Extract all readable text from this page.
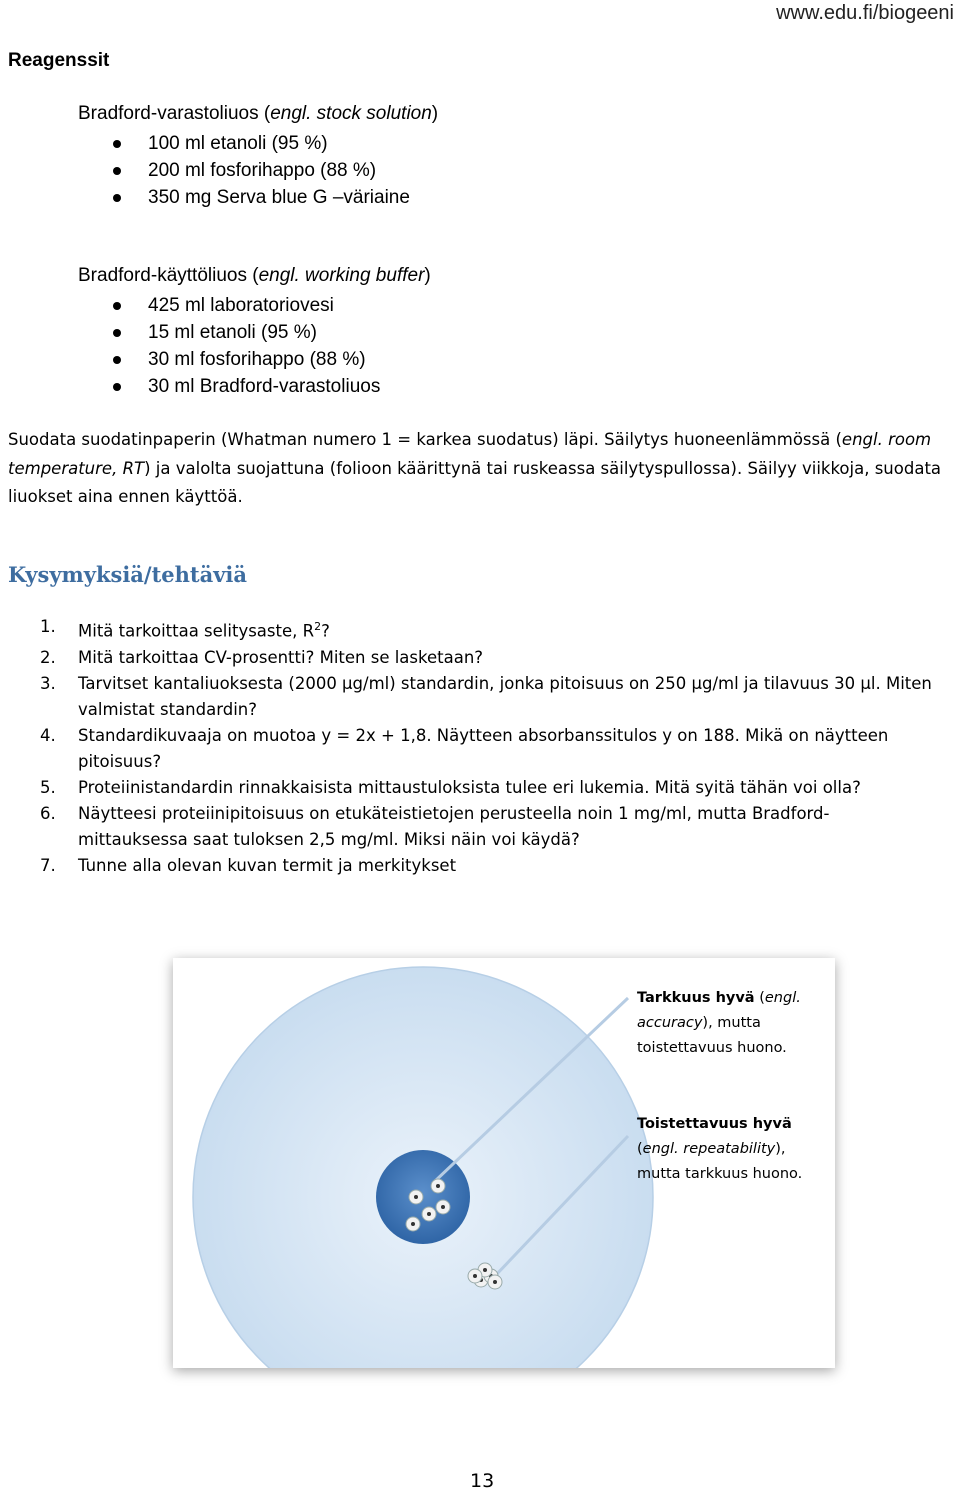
www.edu.fi/biogeeni
Reagenssit
Bradford-varastoliuos (engl. stock solution)
100 ml etanoli (95 %)
200 ml fosforihappo (88 %)
350 mg Serva blue G –väriaine
Bradford-käyttöliuos (engl. working buffer)
425 ml laboratoriovesi
15 ml etanoli (95 %)
30 ml fosforihappo (88 %)
30 ml Bradford-varastoliuos
Suodata suodatinpaperin (Whatman numero 1 = karkea suodatus) läpi. Säilytys huoneenlämmössä (engl. room temperature, RT) ja valolta suojattuna (folioon käärittynä tai ruskeassa säilytyspullossa). Säilyy viikkoja, suodata liuokset aina ennen käyttöä.
Kysymyksiä/tehtäviä
1. Mitä tarkoittaa selitysaste, $R^2$?
2. Mitä tarkoittaa CV-prosentti? Miten se lasketaan?
3. Tarvitset kantaliuoksesta (2000 µg/ml) standardin, jonka pitoisuus on 250 µg/ml ja tilavuus 30 µl. Miten valmistat standardin?
4. Standardikuvaaja on muotoa y = 2x + 1,8. Näytteen absorbanssitulos y on 188. Mikä on näytteen pitoisuus?
5. Proteiinistandardin rinnakkaisista mittaustuloksista tulee eri lukemia. Mitä syitä tähän voi olla?
6. Näytteesi proteiinipitoisuus on etukäteistietojen perusteella noin 1 mg/ml, mutta Bradford-mittauksessa saat tuloksen 2,5 mg/ml. Miksi näin voi käydä?
7. Tunne alla olevan kuvan termit ja merkitykset
Tarkkuus hyvä (engl. accuracy), mutta toistettavuus huono.
Toistettavuus hyvä (engl. repeatability), mutta tarkkuus huono.
13
